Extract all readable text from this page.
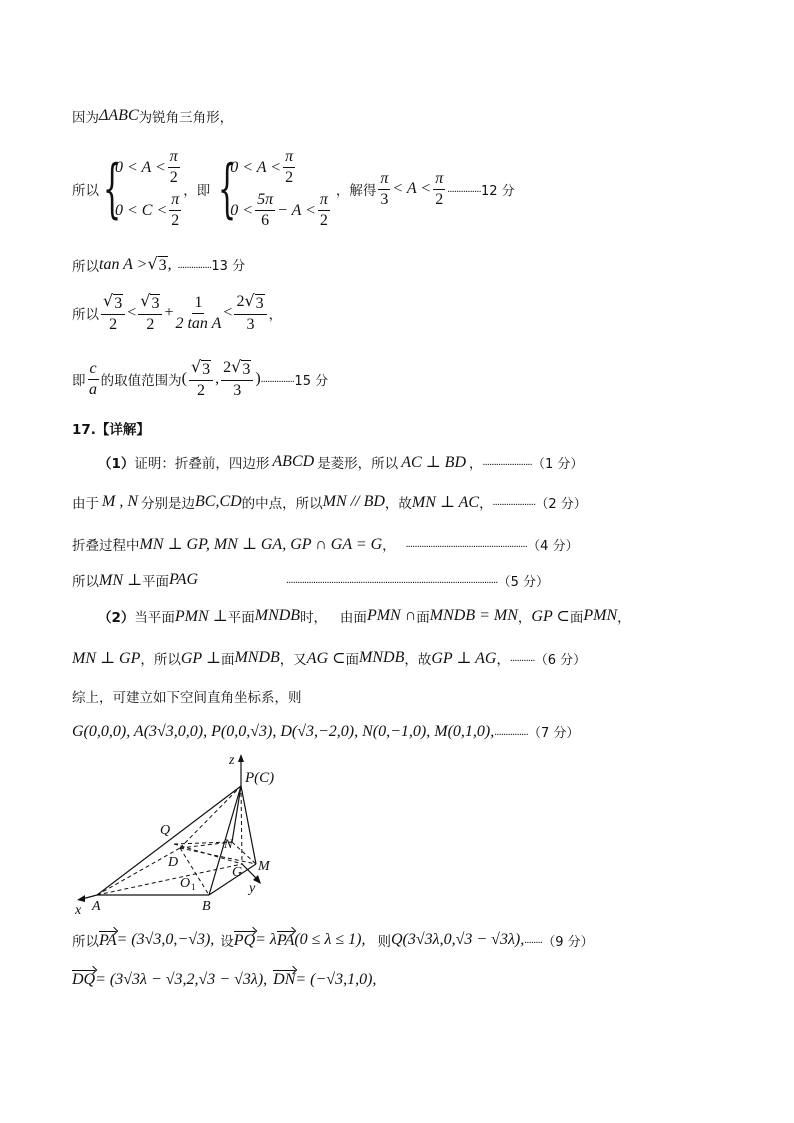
因为 ΔABC 为锐角三角形，
所以 {
$0 < A < \frac{\pi}{2}$
$0 < C < \frac{\pi}{2}$ ，即 {
$0 < A < \frac{\pi}{2}$
$0 < \frac{5\pi}{6} - A < \frac{\pi}{2}$ ，解得 $\frac{\pi}{3} < A < \frac{\pi}{2}$ ............... 12 分
所以 tan A > √ 3 , ............... 13 分
所以 $\frac{√ 3}{2} < \frac{√ 3}{2} + \frac{1}{\text{2 tan A}} < \frac{2 √ 3}{3}$ ，
即 $\frac{c}{a}$ 的取值范围为 ( $\frac{√ 3}{2}$ , $\frac{2 √ 3}{3}$ ) ............... 15 分
17.【详解】
（1） 证明：折叠前，四边形 ABCD 是菱形，所以 AC ⊥ BD ， ...................... （1 分）
由于 M , N 分别是边 BC,CD 的中点，所以 MN // BD ，故 MN ⊥ AC ， ................... （2 分）
折叠过程中 MN ⊥ GP, MN ⊥ GA, GP ∩ GA = G ， ...................................................... （4 分）
所以 MN ⊥ 平面 PAG	.............................................................................................. （5 分）
（2） 当平面 PMN ⊥ 平面 MNDB 时，   由面 PMN ∩ 面 MNDB = MN ， GP ⊂ 面 PMN ，
MN ⊥ GP ，所以 GP ⊥ 面 MNDB ，又 AG ⊂ 面 MNDB ，故 GP ⊥ AG ， ........... （6 分）
综上，可建立如下空间直角坐标系，则
G(0,0,0), A(3√3,0,0), P(0,0,√3), D(√3,−2,0), N(0,−1,0), M(0,1,0), ............... （7 分）
z
P(C)
Q
N
D
G M
O 1	y
x A	B
所以 PA = (3√3,0,−√3), 设 PQ = λ PA (0 ≤ λ ≤ 1), 则 Q(3√3λ,0,√3 − √3λ), ........ （9 分）
DQ = (3√3λ − √3,2,√3 − √3λ), DN = (−√3,1,0),
